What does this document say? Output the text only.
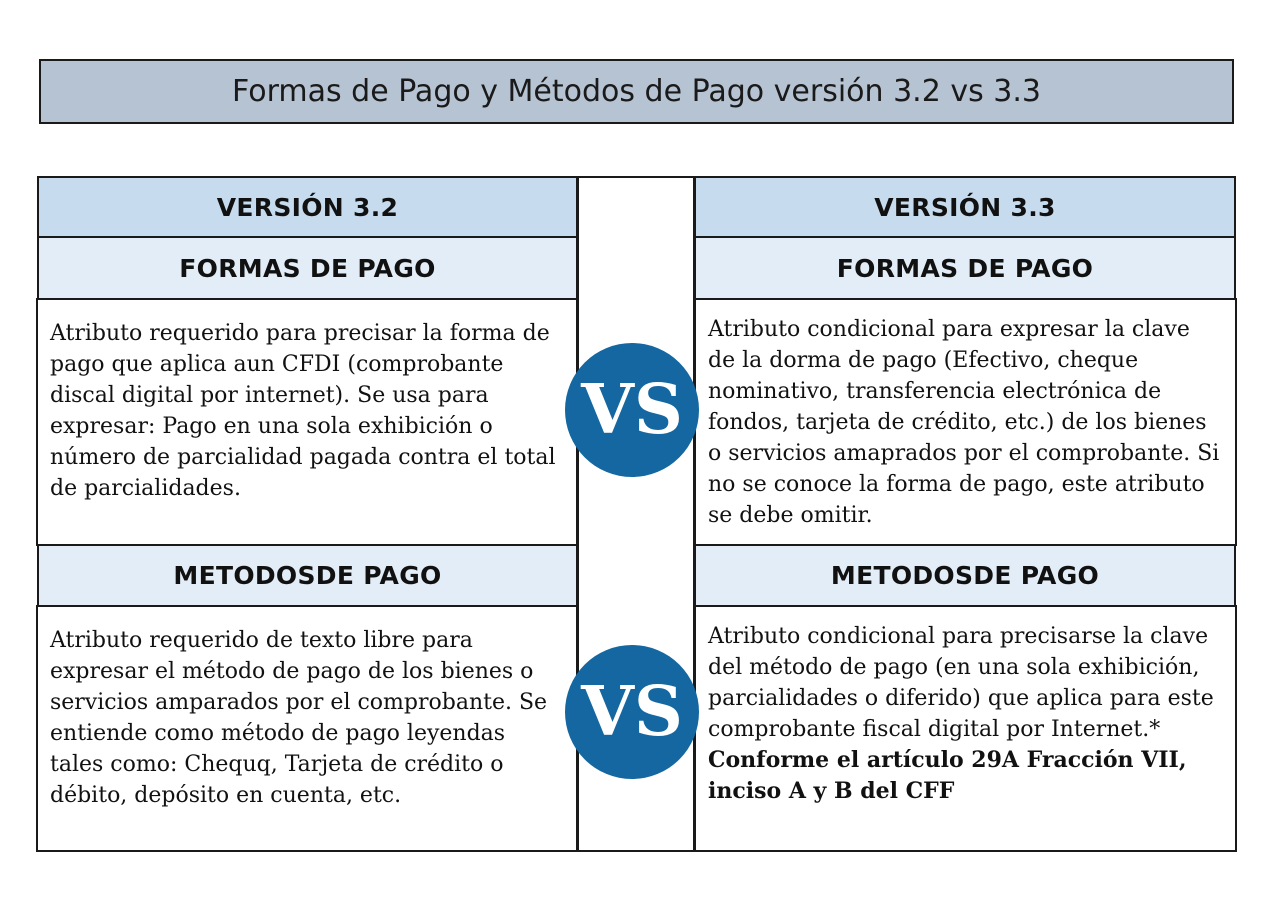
Formas de Pago y Métodos de Pago versión 3.2 vs 3.3
VERSIÓN 3.2
FORMAS DE PAGO
Atributo requerido para precisar la forma de pago que aplica aun CFDI (comprobante discal digital por internet). Se usa para expresar: Pago en una sola exhibición o número de parcialidad pagada contra el total de parcialidades.
METODOSDE PAGO
Atributo requerido de texto libre para expresar el método de pago de los bienes o servicios amparados por el comprobante. Se entiende como método de pago leyendas tales como: Chequq, Tarjeta de crédito o débito, depósito en cuenta, etc.
VERSIÓN 3.3
FORMAS DE PAGO
Atributo condicional para expresar la clave de la dorma de pago (Efectivo, cheque nominativo, transferencia electrónica de fondos, tarjeta de crédito, etc.) de los bienes o servicios amaprados por el comprobante. Si no se conoce la forma de pago, este atributo se debe omitir.
METODOSDE PAGO
Atributo condicional para precisarse la clave del método de pago (en una sola exhibición, parcialidades o diferido) que aplica para este comprobante fiscal digital por Internet.* Conforme el artículo 29A Fracción VII, inciso A y B del CFF
VS
VS
